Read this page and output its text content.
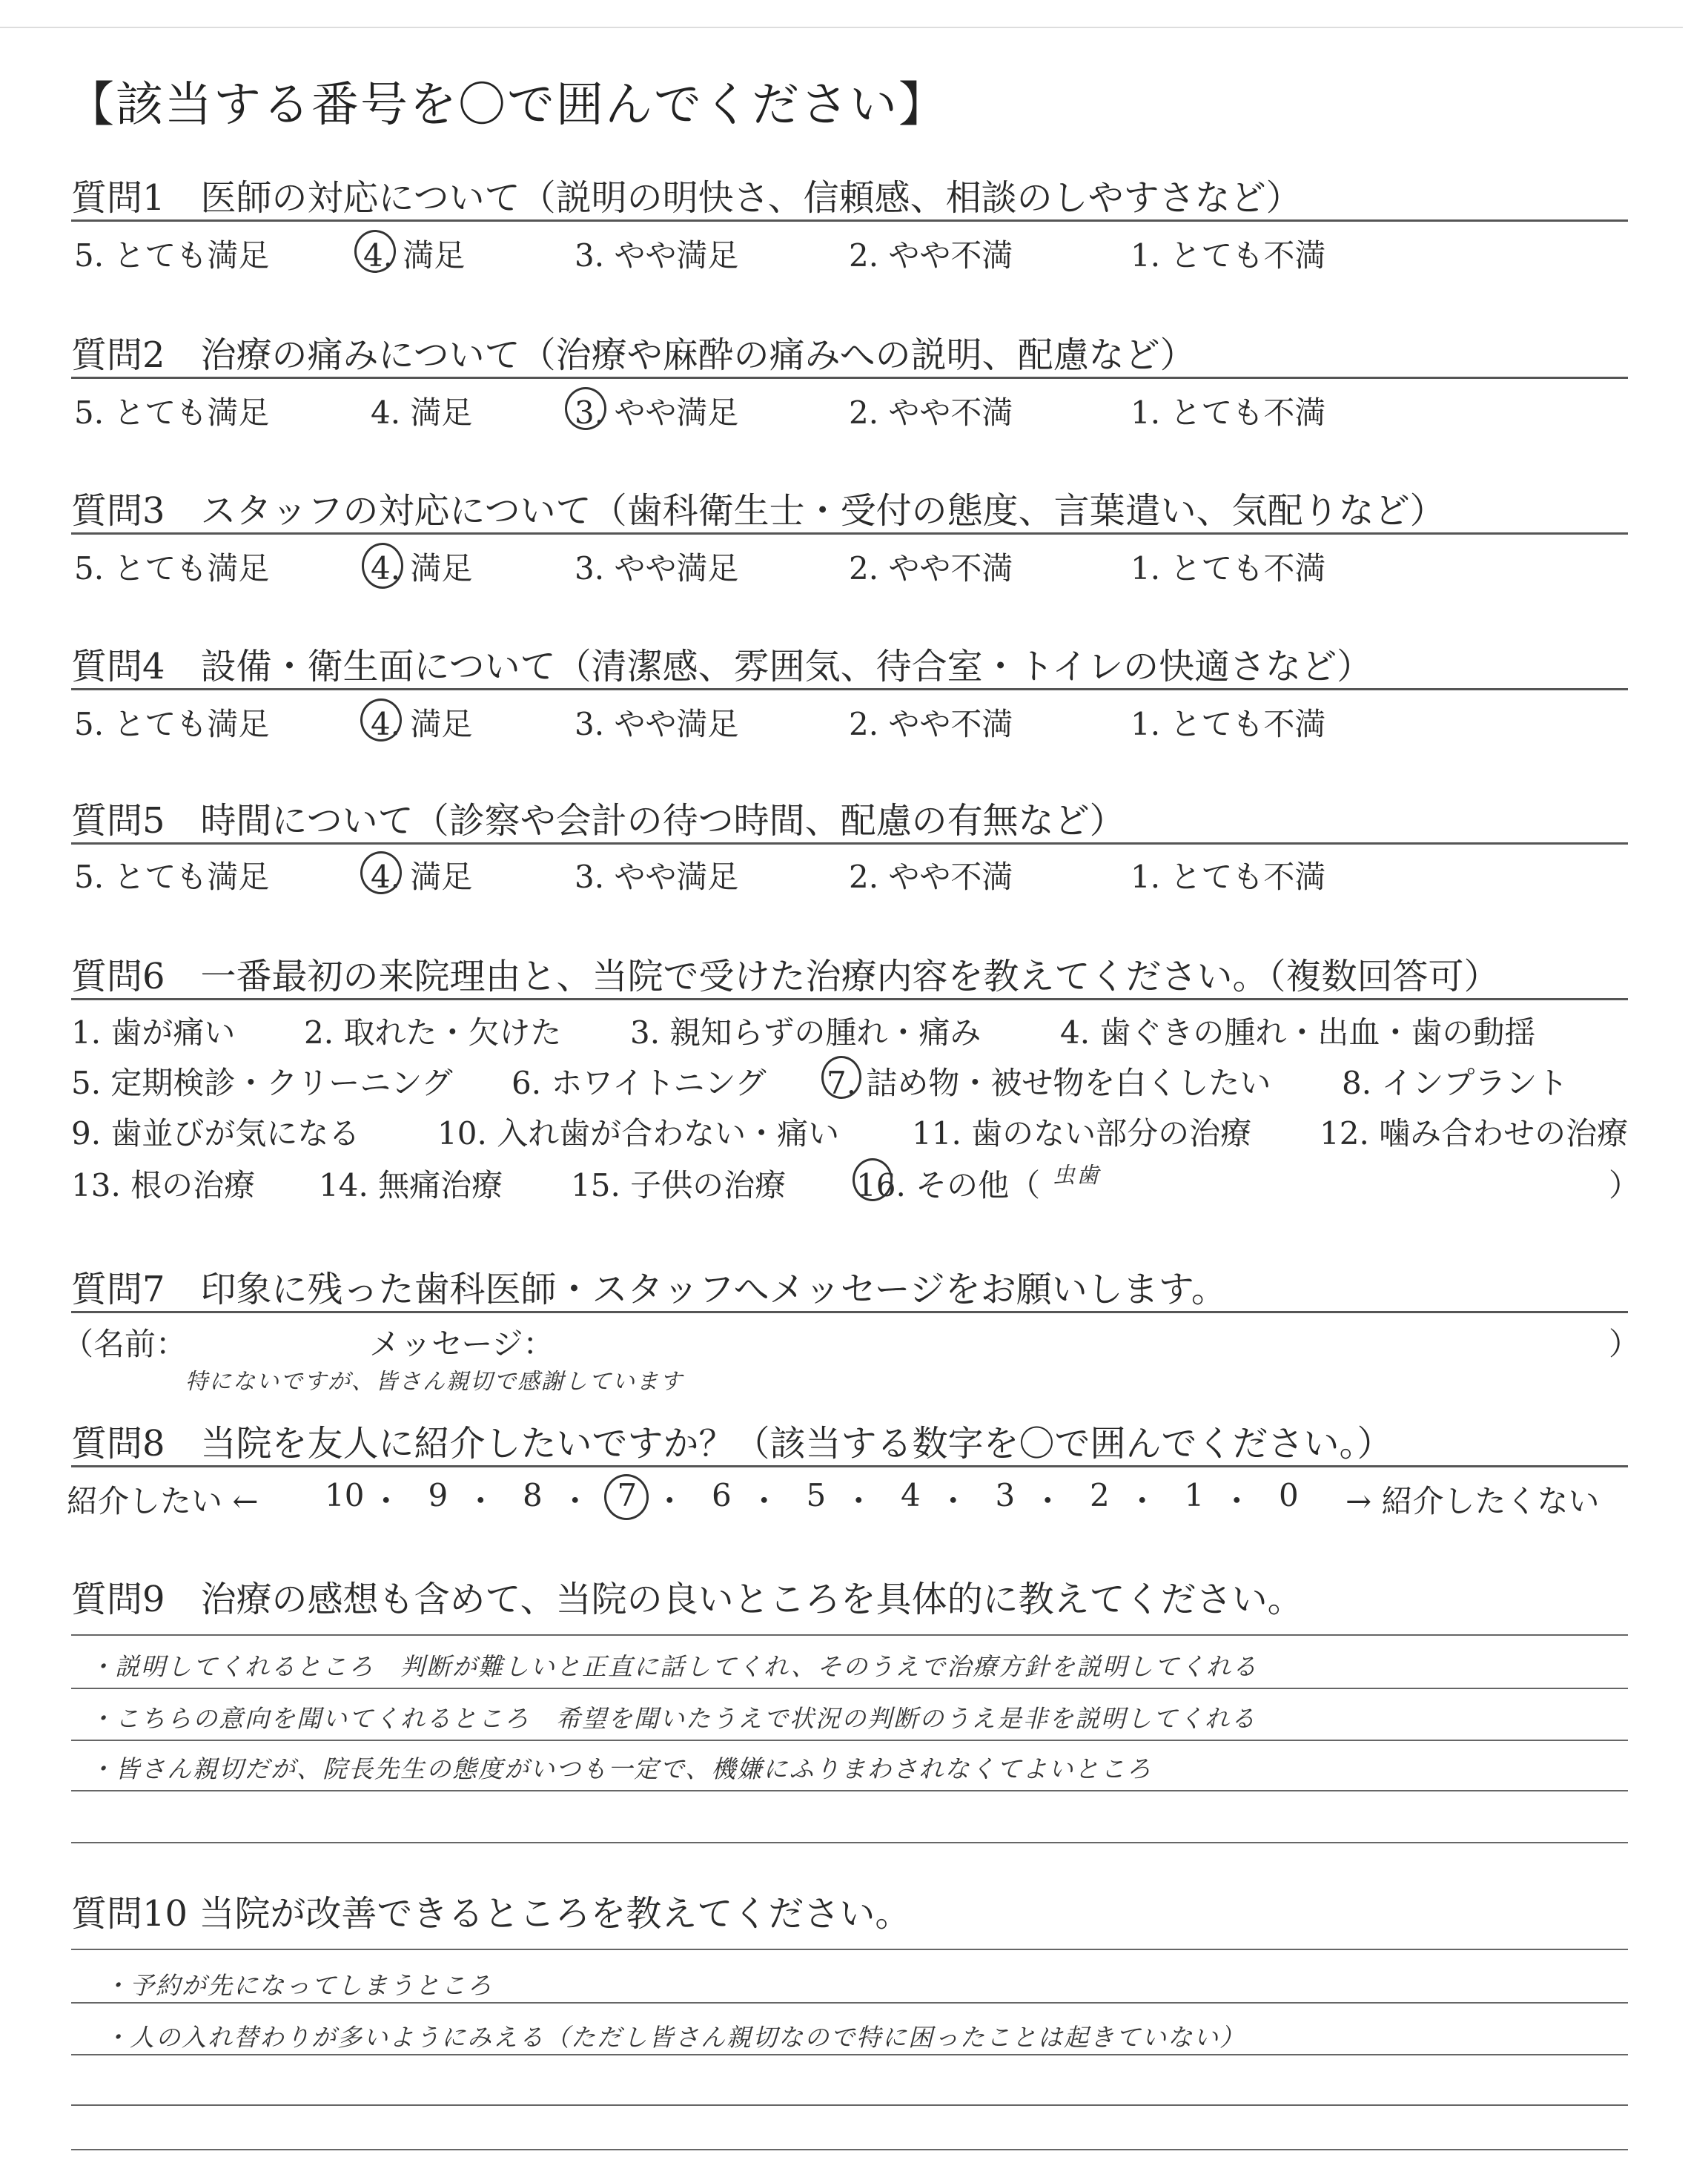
【該当する番号を〇で囲んでください】
質問1　医師の対応について（説明の明快さ、信頼感、相談のしやすさなど）
5. とても満足	4. 満足	3. やや満足	2. やや不満	1. とても不満
質問2　治療の痛みについて（治療や麻酔の痛みへの説明、配慮など）
5. とても満足	4. 満足	3. やや満足	2. やや不満	1. とても不満
質問3　スタッフの対応について（歯科衛生士・受付の態度、言葉遣い、気配りなど）
5. とても満足	4. 満足	3. やや満足	2. やや不満	1. とても不満
質問4　設備・衛生面について（清潔感、雰囲気、待合室・トイレの快適さなど）
5. とても満足	4. 満足	3. やや満足	2. やや不満	1. とても不満
質問5　時間について（診察や会計の待つ時間、配慮の有無など）
5. とても満足	4. 満足	3. やや満足	2. やや不満	1. とても不満
質問6　一番最初の来院理由と、当院で受けた治療内容を教えてください。（複数回答可）
1. 歯が痛い 2. 取れた・欠けた 3. 親知らずの腫れ・痛み	4. 歯ぐきの腫れ・出血・歯の動揺
5. 定期検診・クリーニング 6. ホワイトニング 7. 詰め物・被せ物を白くしたい 8. インプラント
9. 歯並びが気になる 10. 入れ歯が合わない・痛い 11. 歯のない部分の治療 12. 噛み合わせの治療
13. 根の治療 14. 無痛治療 15. 子供の治療 16. その他（ 虫歯	）
質問7　印象に残った歯科医師・スタッフへメッセージをお願いします。
（名前：	メッセージ：	）
特にないですが、皆さん親切で感謝しています
質問8　当院を友人に紹介したいですか？（該当する数字を〇で囲んでください。）
紹介したい ←	→ 紹介したくない
10 ・ 9 ・ 8 ・ 7 ・ 6 ・ 5 ・ 4 ・ 3 ・ 2 ・ 1 ・ 0
質問9　治療の感想も含めて、当院の良いところを具体的に教えてください。
・説明してくれるところ　判断が難しいと正直に話してくれ、そのうえで治療方針を説明してくれる
・こちらの意向を聞いてくれるところ　希望を聞いたうえで状況の判断のうえ是非を説明してくれる
・皆さん親切だが、院長先生の態度がいつも一定で、機嫌にふりまわされなくてよいところ
質問10 当院が改善できるところを教えてください。
・予約が先になってしまうところ
・人の入れ替わりが多いようにみえる（ただし皆さん親切なので特に困ったことは起きていない）
